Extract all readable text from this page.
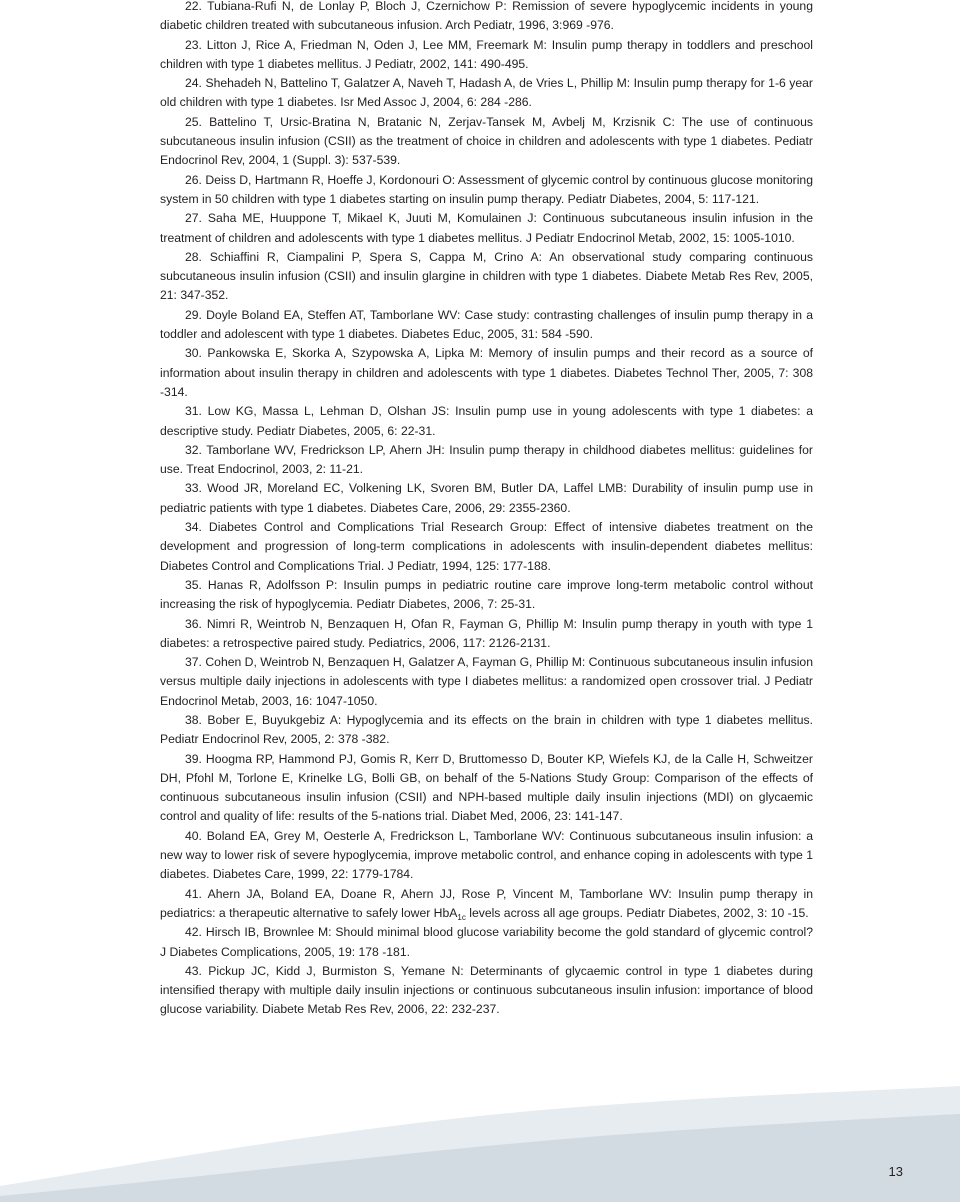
22. Tubiana-Rufi N, de Lonlay P, Bloch J, Czernichow P: Remission of severe hypoglycemic incidents in young diabetic children treated with subcutaneous infusion. Arch Pediatr, 1996, 3:969 -976.

23. Litton J, Rice A, Friedman N, Oden J, Lee MM, Freemark M: Insulin pump therapy in toddlers and preschool children with type 1 diabetes mellitus. J Pediatr, 2002, 141: 490-495.

24. Shehadeh N, Battelino T, Galatzer A, Naveh T, Hadash A, de Vries L, Phillip M: Insulin pump therapy for 1-6 year old children with type 1 diabetes. Isr Med Assoc J, 2004, 6: 284 -286.

25. Battelino T, Ursic-Bratina N, Bratanic N, Zerjav-Tansek M, Avbelj M, Krzisnik C: The use of continuous subcutaneous insulin infusion (CSII) as the treatment of choice in children and adolescents with type 1 diabetes. Pediatr Endocrinol Rev, 2004, 1 (Suppl. 3): 537-539.

26. Deiss D, Hartmann R, Hoeffe J, Kordonouri O: Assessment of glycemic control by continuous glucose monitoring system in 50 children with type 1 diabetes starting on insulin pump therapy. Pediatr Diabetes, 2004, 5: 117-121.

27. Saha ME, Huuppone T, Mikael K, Juuti M, Komulainen J: Continuous subcutaneous insulin infusion in the treatment of children and adolescents with type 1 diabetes mellitus. J Pediatr Endocrinol Metab, 2002, 15: 1005-1010.

28. Schiaffini R, Ciampalini P, Spera S, Cappa M, Crino A: An observational study comparing continuous subcutaneous insulin infusion (CSII) and insulin glargine in children with type 1 diabetes. Diabete Metab Res Rev, 2005, 21: 347-352.

29. Doyle Boland EA, Steffen AT, Tamborlane WV: Case study: contrasting challenges of insulin pump therapy in a toddler and adolescent with type 1 diabetes. Diabetes Educ, 2005, 31: 584 -590.

30. Pankowska E, Skorka A, Szypowska A, Lipka M: Memory of insulin pumps and their record as a source of information about insulin therapy in children and adolescents with type 1 diabetes. Diabetes Technol Ther, 2005, 7: 308 -314.

31. Low KG, Massa L, Lehman D, Olshan JS: Insulin pump use in young adolescents with type 1 diabetes: a descriptive study. Pediatr Diabetes, 2005, 6: 22-31.

32. Tamborlane WV, Fredrickson LP, Ahern JH: Insulin pump therapy in childhood diabetes mellitus: guidelines for use. Treat Endocrinol, 2003, 2: 11-21.

33. Wood JR, Moreland EC, Volkening LK, Svoren BM, Butler DA, Laffel LMB: Durability of insulin pump use in pediatric patients with type 1 diabetes. Diabetes Care, 2006, 29: 2355-2360.

34. Diabetes Control and Complications Trial Research Group: Effect of intensive diabetes treatment on the development and progression of long-term complications in adolescents with insulin-dependent diabetes mellitus: Diabetes Control and Complications Trial. J Pediatr, 1994, 125: 177-188.

35. Hanas R, Adolfsson P: Insulin pumps in pediatric routine care improve long-term metabolic control without increasing the risk of hypoglycemia. Pediatr Diabetes, 2006, 7: 25-31.

36. Nimri R, Weintrob N, Benzaquen H, Ofan R, Fayman G, Phillip M: Insulin pump therapy in youth with type 1 diabetes: a retrospective paired study. Pediatrics, 2006, 117: 2126-2131.

37. Cohen D, Weintrob N, Benzaquen H, Galatzer A, Fayman G, Phillip M: Continuous subcutaneous insulin infusion versus multiple daily injections in adolescents with type I diabetes mellitus: a randomized open crossover trial. J Pediatr Endocrinol Metab, 2003, 16: 1047-1050.

38. Bober E, Buyukgebiz A: Hypoglycemia and its effects on the brain in children with type 1 diabetes mellitus. Pediatr Endocrinol Rev, 2005, 2: 378 -382.

39. Hoogma RP, Hammond PJ, Gomis R, Kerr D, Bruttomesso D, Bouter KP, Wiefels KJ, de la Calle H, Schweitzer DH, Pfohl M, Torlone E, Krinelke LG, Bolli GB, on behalf of the 5-Nations Study Group: Comparison of the effects of continuous subcutaneous insulin infusion (CSII) and NPH-based multiple daily insulin injections (MDI) on glycaemic control and quality of life: results of the 5-nations trial. Diabet Med, 2006, 23: 141-147.

40. Boland EA, Grey M, Oesterle A, Fredrickson L, Tamborlane WV: Continuous subcutaneous insulin infusion: a new way to lower risk of severe hypoglycemia, improve metabolic control, and enhance coping in adolescents with type 1 diabetes. Diabetes Care, 1999, 22: 1779-1784.

41. Ahern JA, Boland EA, Doane R, Ahern JJ, Rose P, Vincent M, Tamborlane WV: Insulin pump therapy in pediatrics: a therapeutic alternative to safely lower HbA$_{1c}$ levels across all age groups. Pediatr Diabetes, 2002, 3: 10 -15.

42. Hirsch IB, Brownlee M: Should minimal blood glucose variability become the gold standard of glycemic control? J Diabetes Complications, 2005, 19: 178 -181.

43. Pickup JC, Kidd J, Burmiston S, Yemane N: Determinants of glycaemic control in type 1 diabetes during intensified therapy with multiple daily insulin injections or continuous subcutaneous insulin infusion: importance of blood glucose variability. Diabete Metab Res Rev, 2006, 22: 232-237.

13
